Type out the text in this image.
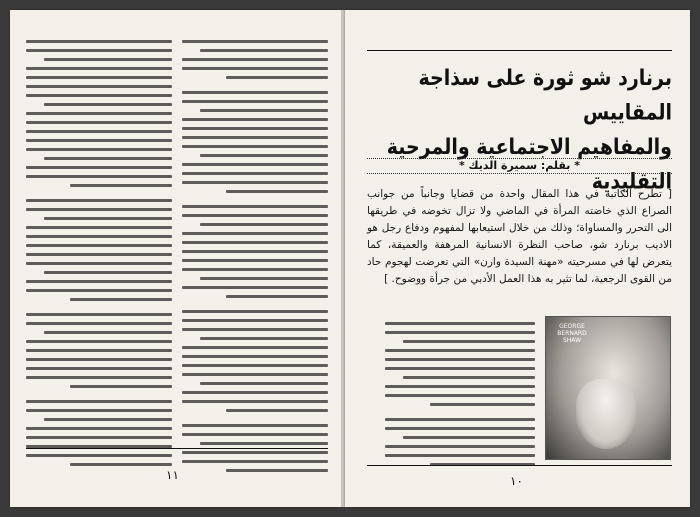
١١
برنارد شو ثورة على سذاجة المقاييس
والمفاهيم الاجتماعية والمرحية التقليدية
* بقلم: سميرة الديك *
[ تطرح الكاتبة في هذا المقال واحدة من قضايا وجانباً من جوانب الصراع الذي خاضته المرأة في الماضي ولا تزال تخوضه في طريقها الى التحرر والمساواة؛ وذلك من خلال استيعابها لمفهوم ودفاع رجل هو الاديب برنارد شو، صاحب النظرة الانسانية المرهفة والعميقة، كما يتعرض لها في مسرحيته «مهنة السيدة وارن» التي تعرضت لهجوم حاد من القوى الرجعية، لما تثير به هذا العمل الأدبي من جرأة ووضوح. ]
GEORGE BERNARD SHAW
١٠
